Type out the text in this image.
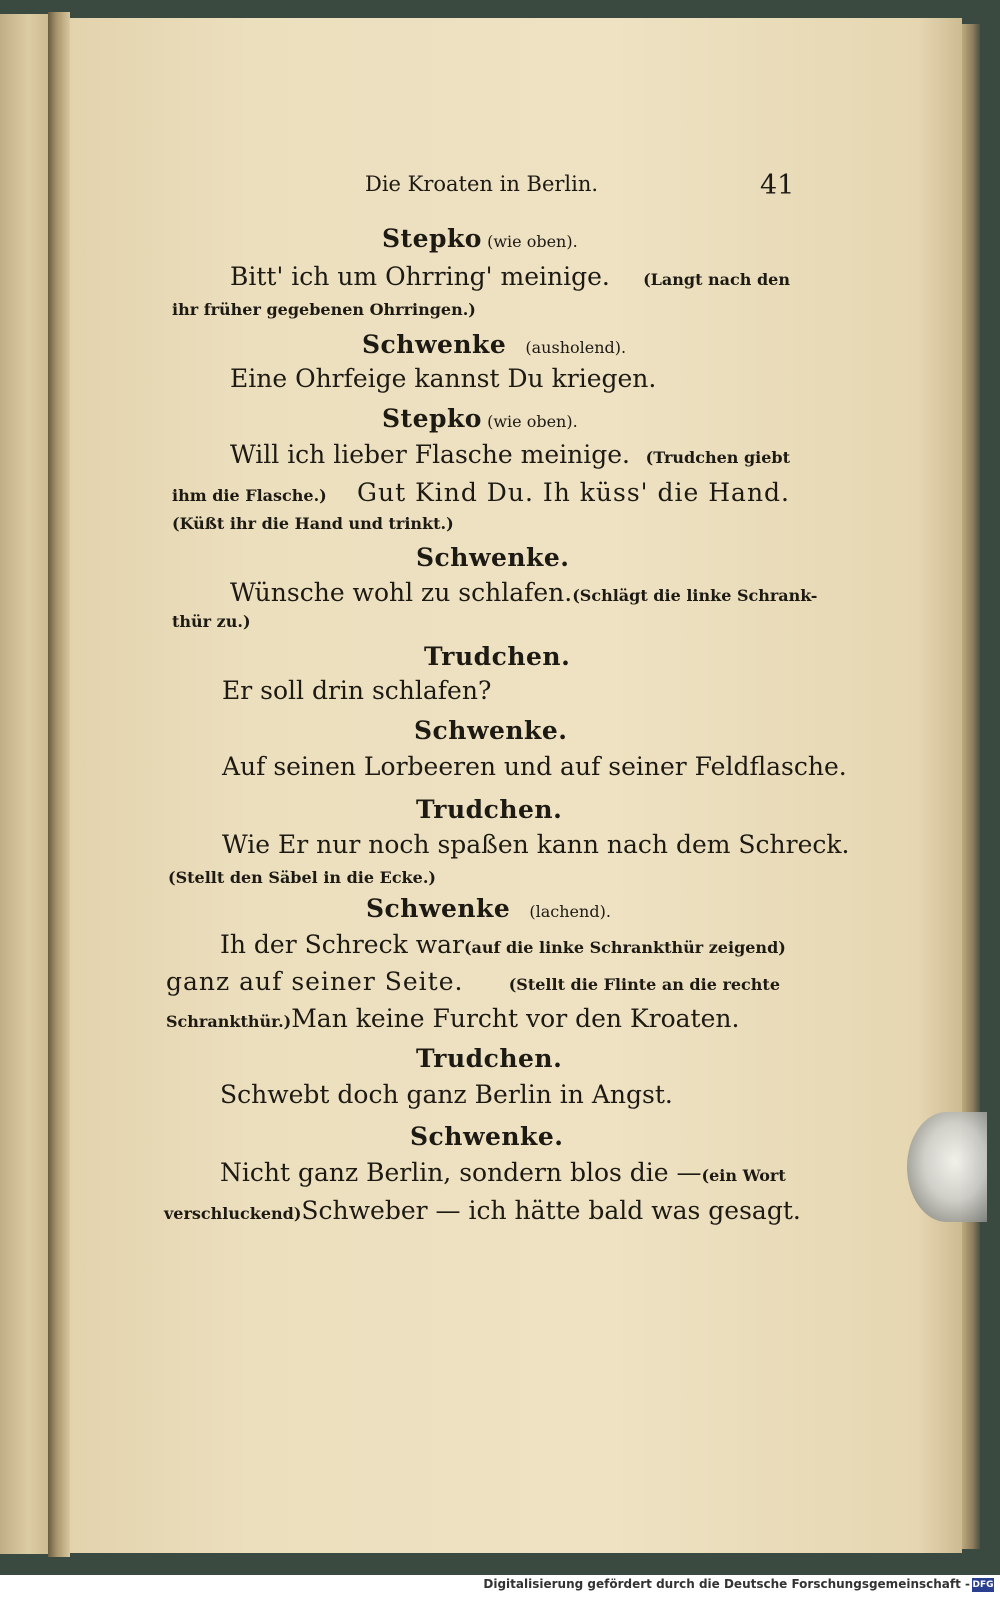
Die Kroaten in Berlin.	41
Stepko (wie oben).
Bitt' ich um Ohrring' meinige. (Langt nach den
ihr früher gegebenen Ohrringen.)
Schwenke (ausholend).
Eine Ohrfeige kannst Du kriegen.
Stepko (wie oben).
Will ich lieber Flasche meinige. (Trudchen giebt
ihm die Flasche.) Gut Kind Du. Ih küss' die Hand.
(Küßt ihr die Hand und trinkt.)
Schwenke.
Wünsche wohl zu schlafen. (Schlägt die linke Schrank-
thür zu.)
Trudchen.
Er soll drin schlafen?
Schwenke.
Auf seinen Lorbeeren und auf seiner Feldflasche.
Trudchen.
Wie Er nur noch spaßen kann nach dem Schreck.
(Stellt den Säbel in die Ecke.)
Schwenke (lachend).
Ih der Schreck war (auf die linke Schrankthür zeigend)
ganz auf seiner Seite.	(Stellt die Flinte an die rechte
Schrankthür.) Man keine Furcht vor den Kroaten.
Trudchen.
Schwebt doch ganz Berlin in Angst.
Schwenke.
Nicht ganz Berlin, sondern blos die — (ein Wort
verschluckend) Schweber — ich hätte bald was gesagt.
Digitalisierung gefördert durch die Deutsche Forschungsgemeinschaft - DFG
